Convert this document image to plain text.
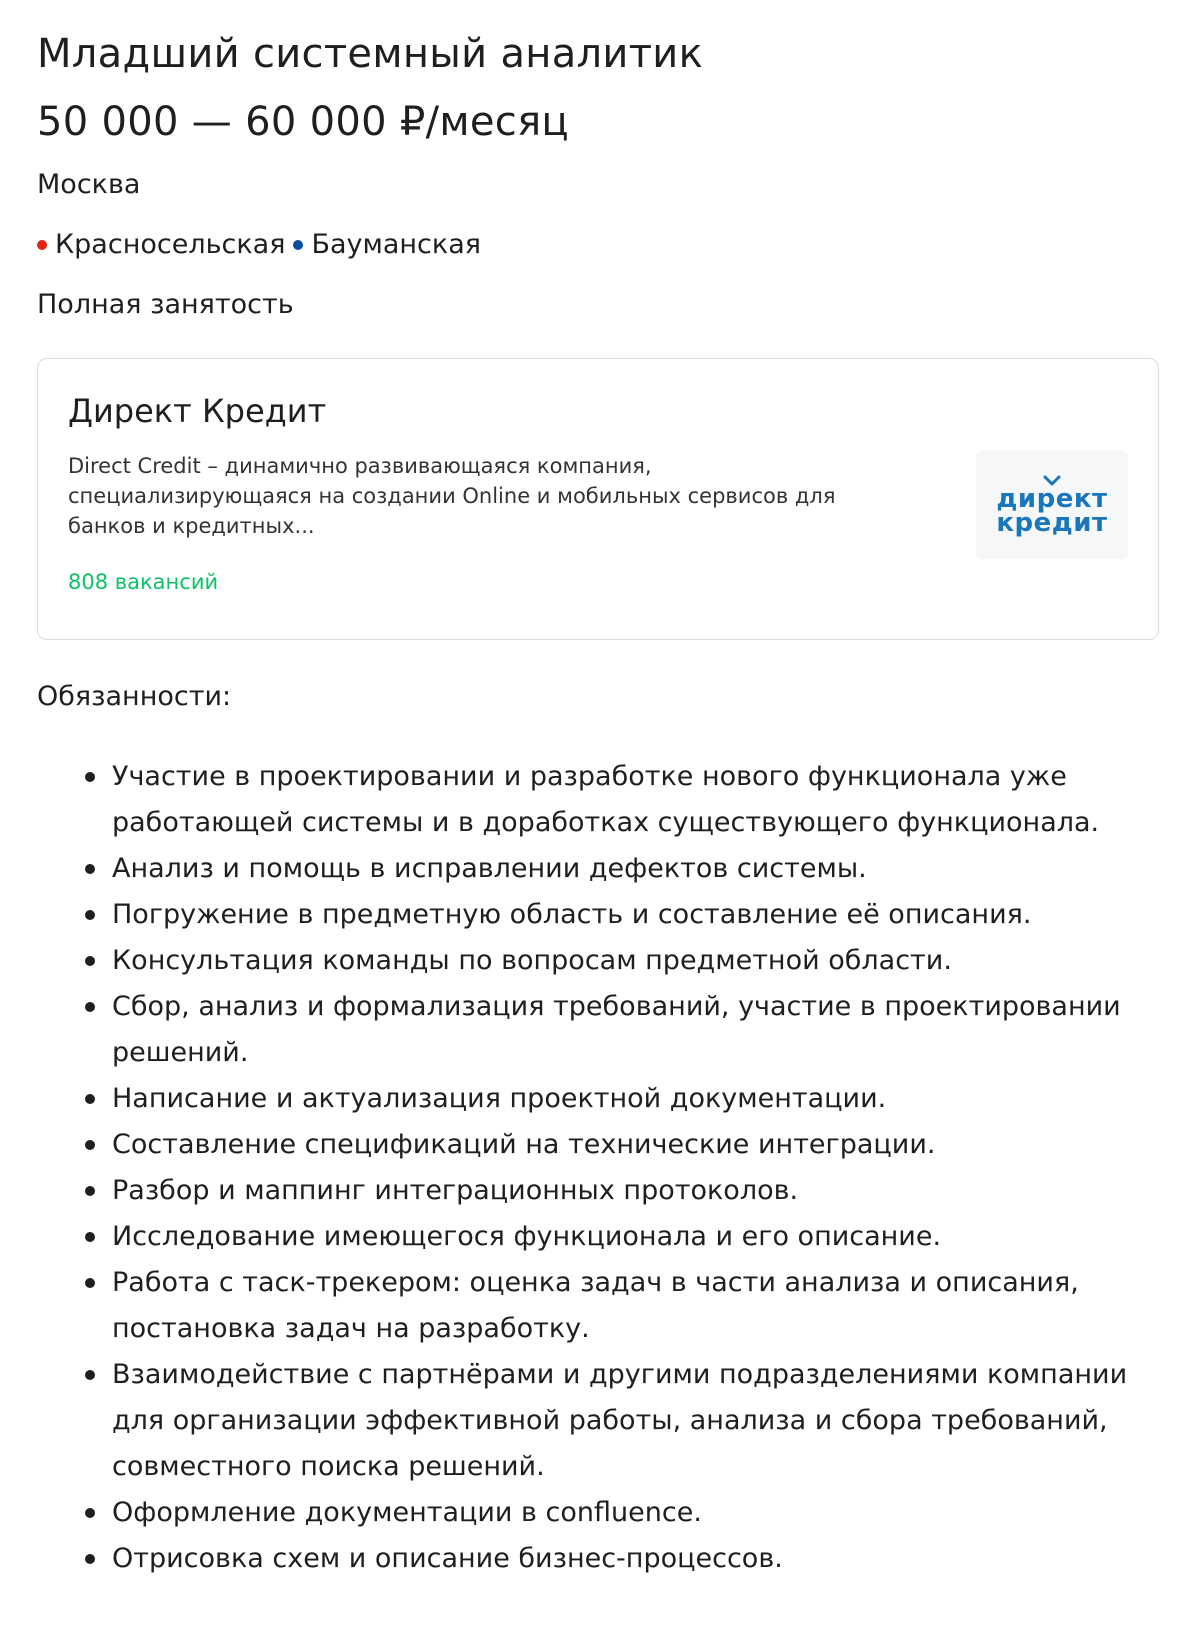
Младший системный аналитик
50 000 — 60 000 ₽/месяц
Москва
Красносельская Бауманская
Полная занятость
Директ Кредит
Direct Credit – динамично развивающаяся компания, специализирующаяся на создании Online и мобильных сервисов для банков и кредитных...
808 вакансий
директ
кредит
Обязанности:
Участие в проектировании и разработке нового функционала уже работающей системы и в доработках существующего функционала.
Анализ и помощь в исправлении дефектов системы.
Погружение в предметную область и составление её описания.
Консультация команды по вопросам предметной области.
Сбор, анализ и формализация требований, участие в проектировании решений.
Написание и актуализация проектной документации.
Составление спецификаций на технические интеграции.
Разбор и маппинг интеграционных протоколов.
Исследование имеющегося функционала и его описание.
Работа с таск-трекером: оценка задач в части анализа и описания, постановка задач на разработку.
Взаимодействие с партнёрами и другими подразделениями компании для организации эффективной работы, анализа и сбора требований, совместного поиска решений.
Оформление документации в confluence.
Отрисовка схем и описание бизнес-процессов.
